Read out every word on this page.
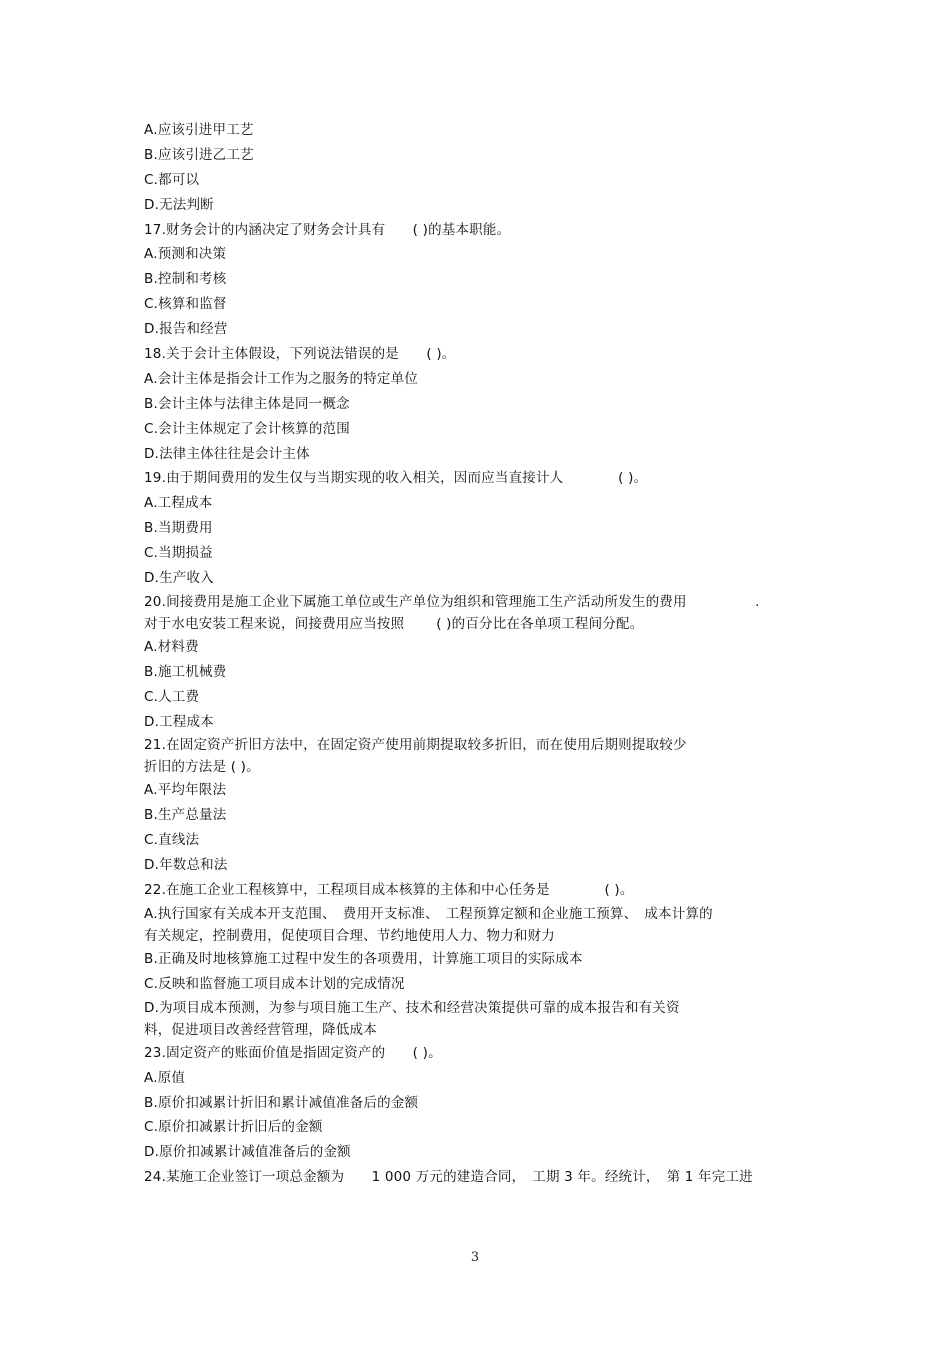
A.应该引进甲工艺
B.应该引进乙工艺
C.都可以
D.无法判断
17.财务会计的内涵决定了财务会计具有　　( )的基本职能。
A.预测和决策
B.控制和考核
C.核算和监督
D.报告和经营
18.关于会计主体假设，下列说法错误的是　　( )。
A.会计主体是指会计工作为之服务的特定单位
B.会计主体与法律主体是同一概念
C.会计主体规定了会计核算的范围
D.法律主体往往是会计主体
19.由于期间费用的发生仅与当期实现的收入相关，因而应当直接计人　　　　( )。
A.工程成本
B.当期费用
C.当期损益
D.生产收入
20.间接费用是施工企业下属施工单位或生产单位为组织和管理施工生产活动所发生的费用　　　　　.
对于水电安装工程来说，间接费用应当按照　　 ( )的百分比在各单项工程间分配。
A.材料费
B.施工机械费
C.人工费
D.工程成本
21.在固定资产折旧方法中，在固定资产使用前期提取较多折旧，而在使用后期则提取较少
折旧的方法是 ( )。
A.平均年限法
B.生产总量法
C.直线法
D.年数总和法
22.在施工企业工程核算中，工程项目成本核算的主体和中心任务是　　　　( )。
A.执行国家有关成本开支范围、　费用开支标准、　工程预算定额和企业施工预算、　成本计算的
有关规定，控制费用，促使项目合理、节约地使用人力、物力和财力
B.正确及时地核算施工过程中发生的各项费用，计算施工项目的实际成本
C.反映和监督施工项目成本计划的完成情况
D.为项目成本预测，为参与项目施工生产、技术和经营决策提供可靠的成本报告和有关资
料，促进项目改善经营管理，降低成本
23.固定资产的账面价值是指固定资产的　　( )。
A.原值
B.原价扣减累计折旧和累计减值准备后的金额
C.原价扣减累计折旧后的金额
D.原价扣减累计减值准备后的金额
24.某施工企业签订一项总金额为　　1 000 万元的建造合同，　工期 3 年。经统计，　第 1 年完工进
3
